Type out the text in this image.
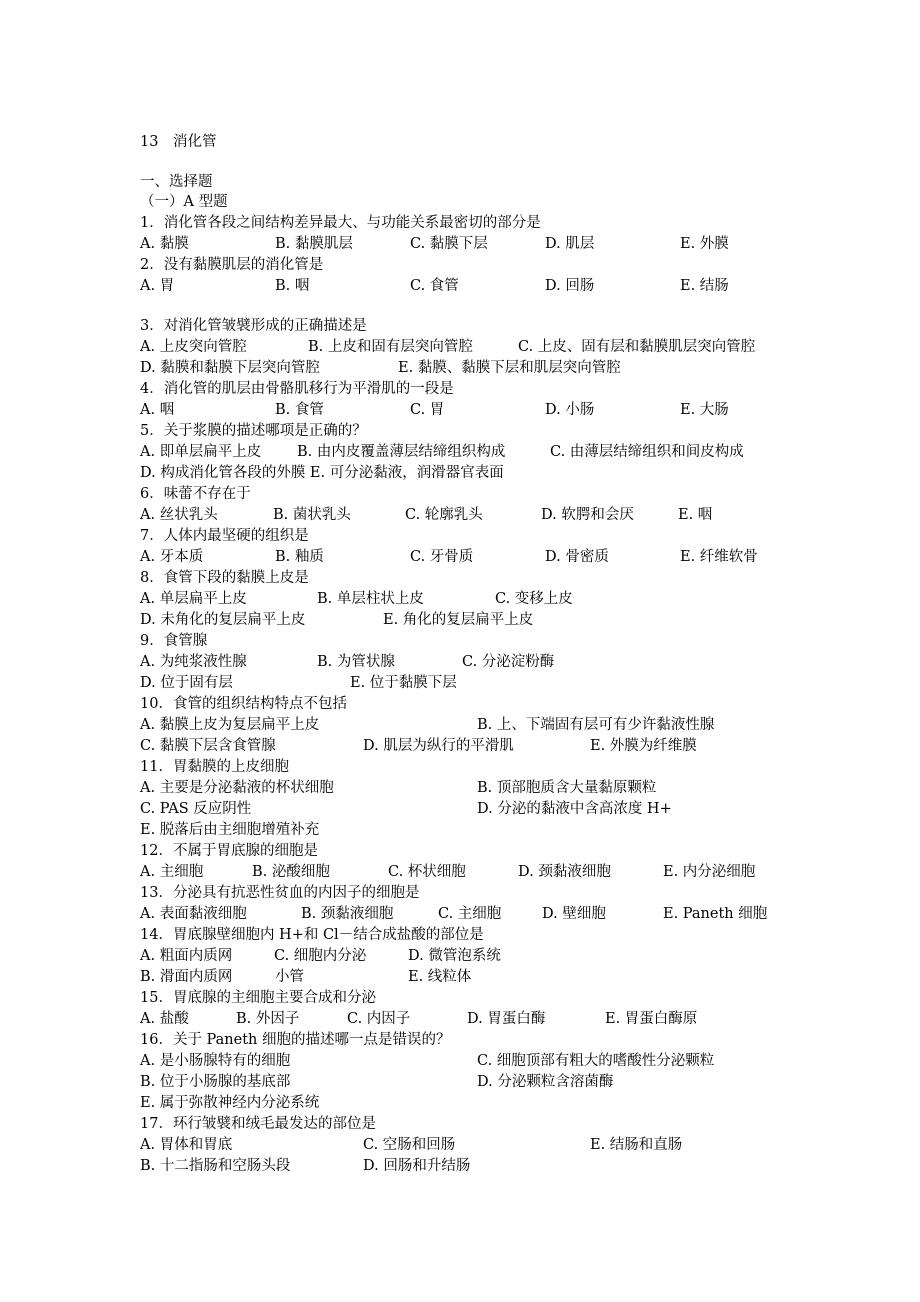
13　消化管
一、选择题
（一）A 型题
1．消化管各段之间结构差异最大、与功能关系最密切的部分是
A. 黏膜	B. 黏膜肌层	C. 黏膜下层	D. 肌层	E. 外膜
2．没有黏膜肌层的消化管是
A. 胃	B. 咽	C. 食管	D. 回肠	E. 结肠
3．对消化管皱襞形成的正确描述是
A. 上皮突向管腔	B. 上皮和固有层突向管腔	C. 上皮、固有层和黏膜肌层突向管腔
D. 黏膜和黏膜下层突向管腔	E. 黏膜、黏膜下层和肌层突向管腔
4．消化管的肌层由骨骼肌移行为平滑肌的一段是
A. 咽	B. 食管	C. 胃	D. 小肠	E. 大肠
5．关于浆膜的描述哪项是正确的？
A. 即单层扁平上皮 B. 由内皮覆盖薄层结缔组织构成	C. 由薄层结缔组织和间皮构成
D. 构成消化管各段的外膜 E. 可分泌黏液，润滑器官表面
6．味蕾不存在于
A. 丝状乳头	B. 菌状乳头	C. 轮廓乳头	D. 软腭和会厌	E. 咽
7．人体内最坚硬的组织是
A. 牙本质	B. 釉质	C. 牙骨质	D. 骨密质	E. 纤维软骨
8．食管下段的黏膜上皮是
A. 单层扁平上皮	B. 单层柱状上皮	C. 变移上皮
D. 未角化的复层扁平上皮	E. 角化的复层扁平上皮
9．食管腺
A. 为纯浆液性腺	B. 为管状腺	C. 分泌淀粉酶
D. 位于固有层	E. 位于黏膜下层
10．食管的组织结构特点不包括
A. 黏膜上皮为复层扁平上皮	B. 上、下端固有层可有少许黏液性腺
C. 黏膜下层含食管腺	D. 肌层为纵行的平滑肌	E. 外膜为纤维膜
11．胃黏膜的上皮细胞
A. 主要是分泌黏液的杯状细胞	B. 顶部胞质含大量黏原颗粒
C. PAS 反应阴性	D. 分泌的黏液中含高浓度 H+
E. 脱落后由主细胞增殖补充
12．不属于胃底腺的细胞是
A. 主细胞	B. 泌酸细胞	C. 杯状细胞	D. 颈黏液细胞	E. 内分泌细胞
13．分泌具有抗恶性贫血的内因子的细胞是
A. 表面黏液细胞	B. 颈黏液细胞	C. 主细胞	D. 壁细胞	E. Paneth 细胞
14．胃底腺壁细胞内 H+和 Cl－结合成盐酸的部位是
A. 粗面内质网	C. 细胞内分泌	D. 微管泡系统
B. 滑面内质网	小管	E. 线粒体
15．胃底腺的主细胞主要合成和分泌
A. 盐酸	B. 外因子	C. 内因子	D. 胃蛋白酶	E. 胃蛋白酶原
16．关于 Paneth 细胞的描述哪一点是错误的？
A. 是小肠腺特有的细胞	C. 细胞顶部有粗大的嗜酸性分泌颗粒
B. 位于小肠腺的基底部	D. 分泌颗粒含溶菌酶
E. 属于弥散神经内分泌系统
17．环行皱襞和绒毛最发达的部位是
A. 胃体和胃底	C. 空肠和回肠	E. 结肠和直肠
B. 十二指肠和空肠头段	D. 回肠和升结肠
